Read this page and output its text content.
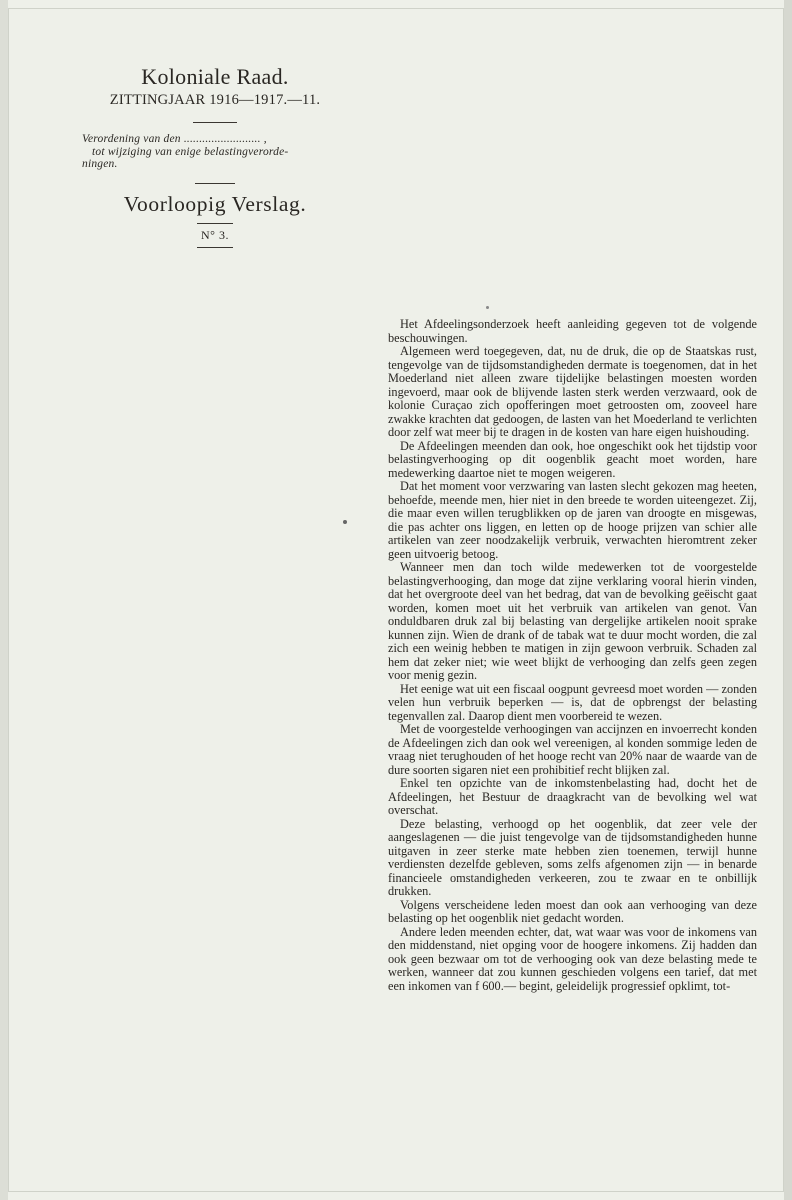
Koloniale Raad.
ZITTINGJAAR 1916—1917.—11.
Verordening van den ......................... ,
tot wijziging van enige belastingverorde-
ningen.
Voorloopig Verslag.
N° 3.

Het Afdeelingsonderzoek heeft aanleiding gegeven tot de volgende beschouwingen.

Algemeen werd toegegeven, dat, nu de druk, die op de Staatskas rust, tengevolge van de tijdsomstandigheden dermate is toegenomen, dat in het Moederland niet alleen zware tijdelijke belastingen moesten worden ingevoerd, maar ook de blijvende lasten sterk werden verzwaard, ook de kolonie Curaçao zich opofferingen moet getroosten om, zooveel hare zwakke krachten dat gedoogen, de lasten van het Moederland te verlichten door zelf wat meer bij te dragen in de kosten van hare eigen huishouding.

De Afdeelingen meenden dan ook, hoe ongeschikt ook het tijdstip voor belastingverhooging op dit oogenblik geacht moet worden, hare medewerking daartoe niet te mogen weigeren.

Dat het moment voor verzwaring van lasten slecht gekozen mag heeten, behoefde, meende men, hier niet in den breede te worden uiteengezet. Zij, die maar even willen terugblikken op de jaren van droogte en misgewas, die pas achter ons liggen, en letten op de hooge prijzen van schier alle artikelen van zeer noodzakelijk verbruik, verwachten hieromtrent zeker geen uitvoerig betoog.

Wanneer men dan toch wilde medewerken tot de voorgestelde belastingverhooging, dan moge dat zijne verklaring vooral hierin vinden, dat het overgroote deel van het bedrag, dat van de bevolking geëischt gaat worden, komen moet uit het verbruik van artikelen van genot. Van onduldbaren druk zal bij belasting van dergelijke artikelen nooit sprake kunnen zijn. Wien de drank of de tabak wat te duur mocht worden, die zal zich een weinig hebben te matigen in zijn gewoon verbruik. Schaden zal hem dat zeker niet; wie weet blijkt de verhooging dan zelfs geen zegen voor menig gezin.

Het eenige wat uit een fiscaal oogpunt gevreesd moet worden — zonden velen hun verbruik beperken — is, dat de opbrengst der belasting tegenvallen zal. Daarop dient men voorbereid te wezen.

Met de voorgestelde verhoogingen van accijnzen en invoerrecht konden de Afdeelingen zich dan ook wel vereenigen, al konden sommige leden de vraag niet terughouden of het hooge recht van 20% naar de waarde van de dure soorten sigaren niet een prohibitief recht blijken zal.

Enkel ten opzichte van de inkomstenbelasting had, docht het de Afdeelingen, het Bestuur de draagkracht van de bevolking wel wat overschat.

Deze belasting, verhoogd op het oogenblik, dat zeer vele der aangeslagenen — die juist tengevolge van de tijdsomstandigheden hunne uitgaven in zeer sterke mate hebben zien toenemen, terwijl hunne verdiensten dezelfde gebleven, soms zelfs afgenomen zijn — in benarde financieele omstandigheden verkeeren, zou te zwaar en te onbillijk drukken.

Volgens verscheidene leden moest dan ook aan verhooging van deze belasting op het oogenblik niet gedacht worden.

Andere leden meenden echter, dat, wat waar was voor de inkomens van den middenstand, niet opging voor de hoogere inkomens. Zij hadden dan ook geen bezwaar om tot de verhooging ook van deze belasting mede te werken, wanneer dat zou kunnen geschieden volgens een tarief, dat met een inkomen van f 600.— begint, geleidelijk progressief opklimt, tot-
